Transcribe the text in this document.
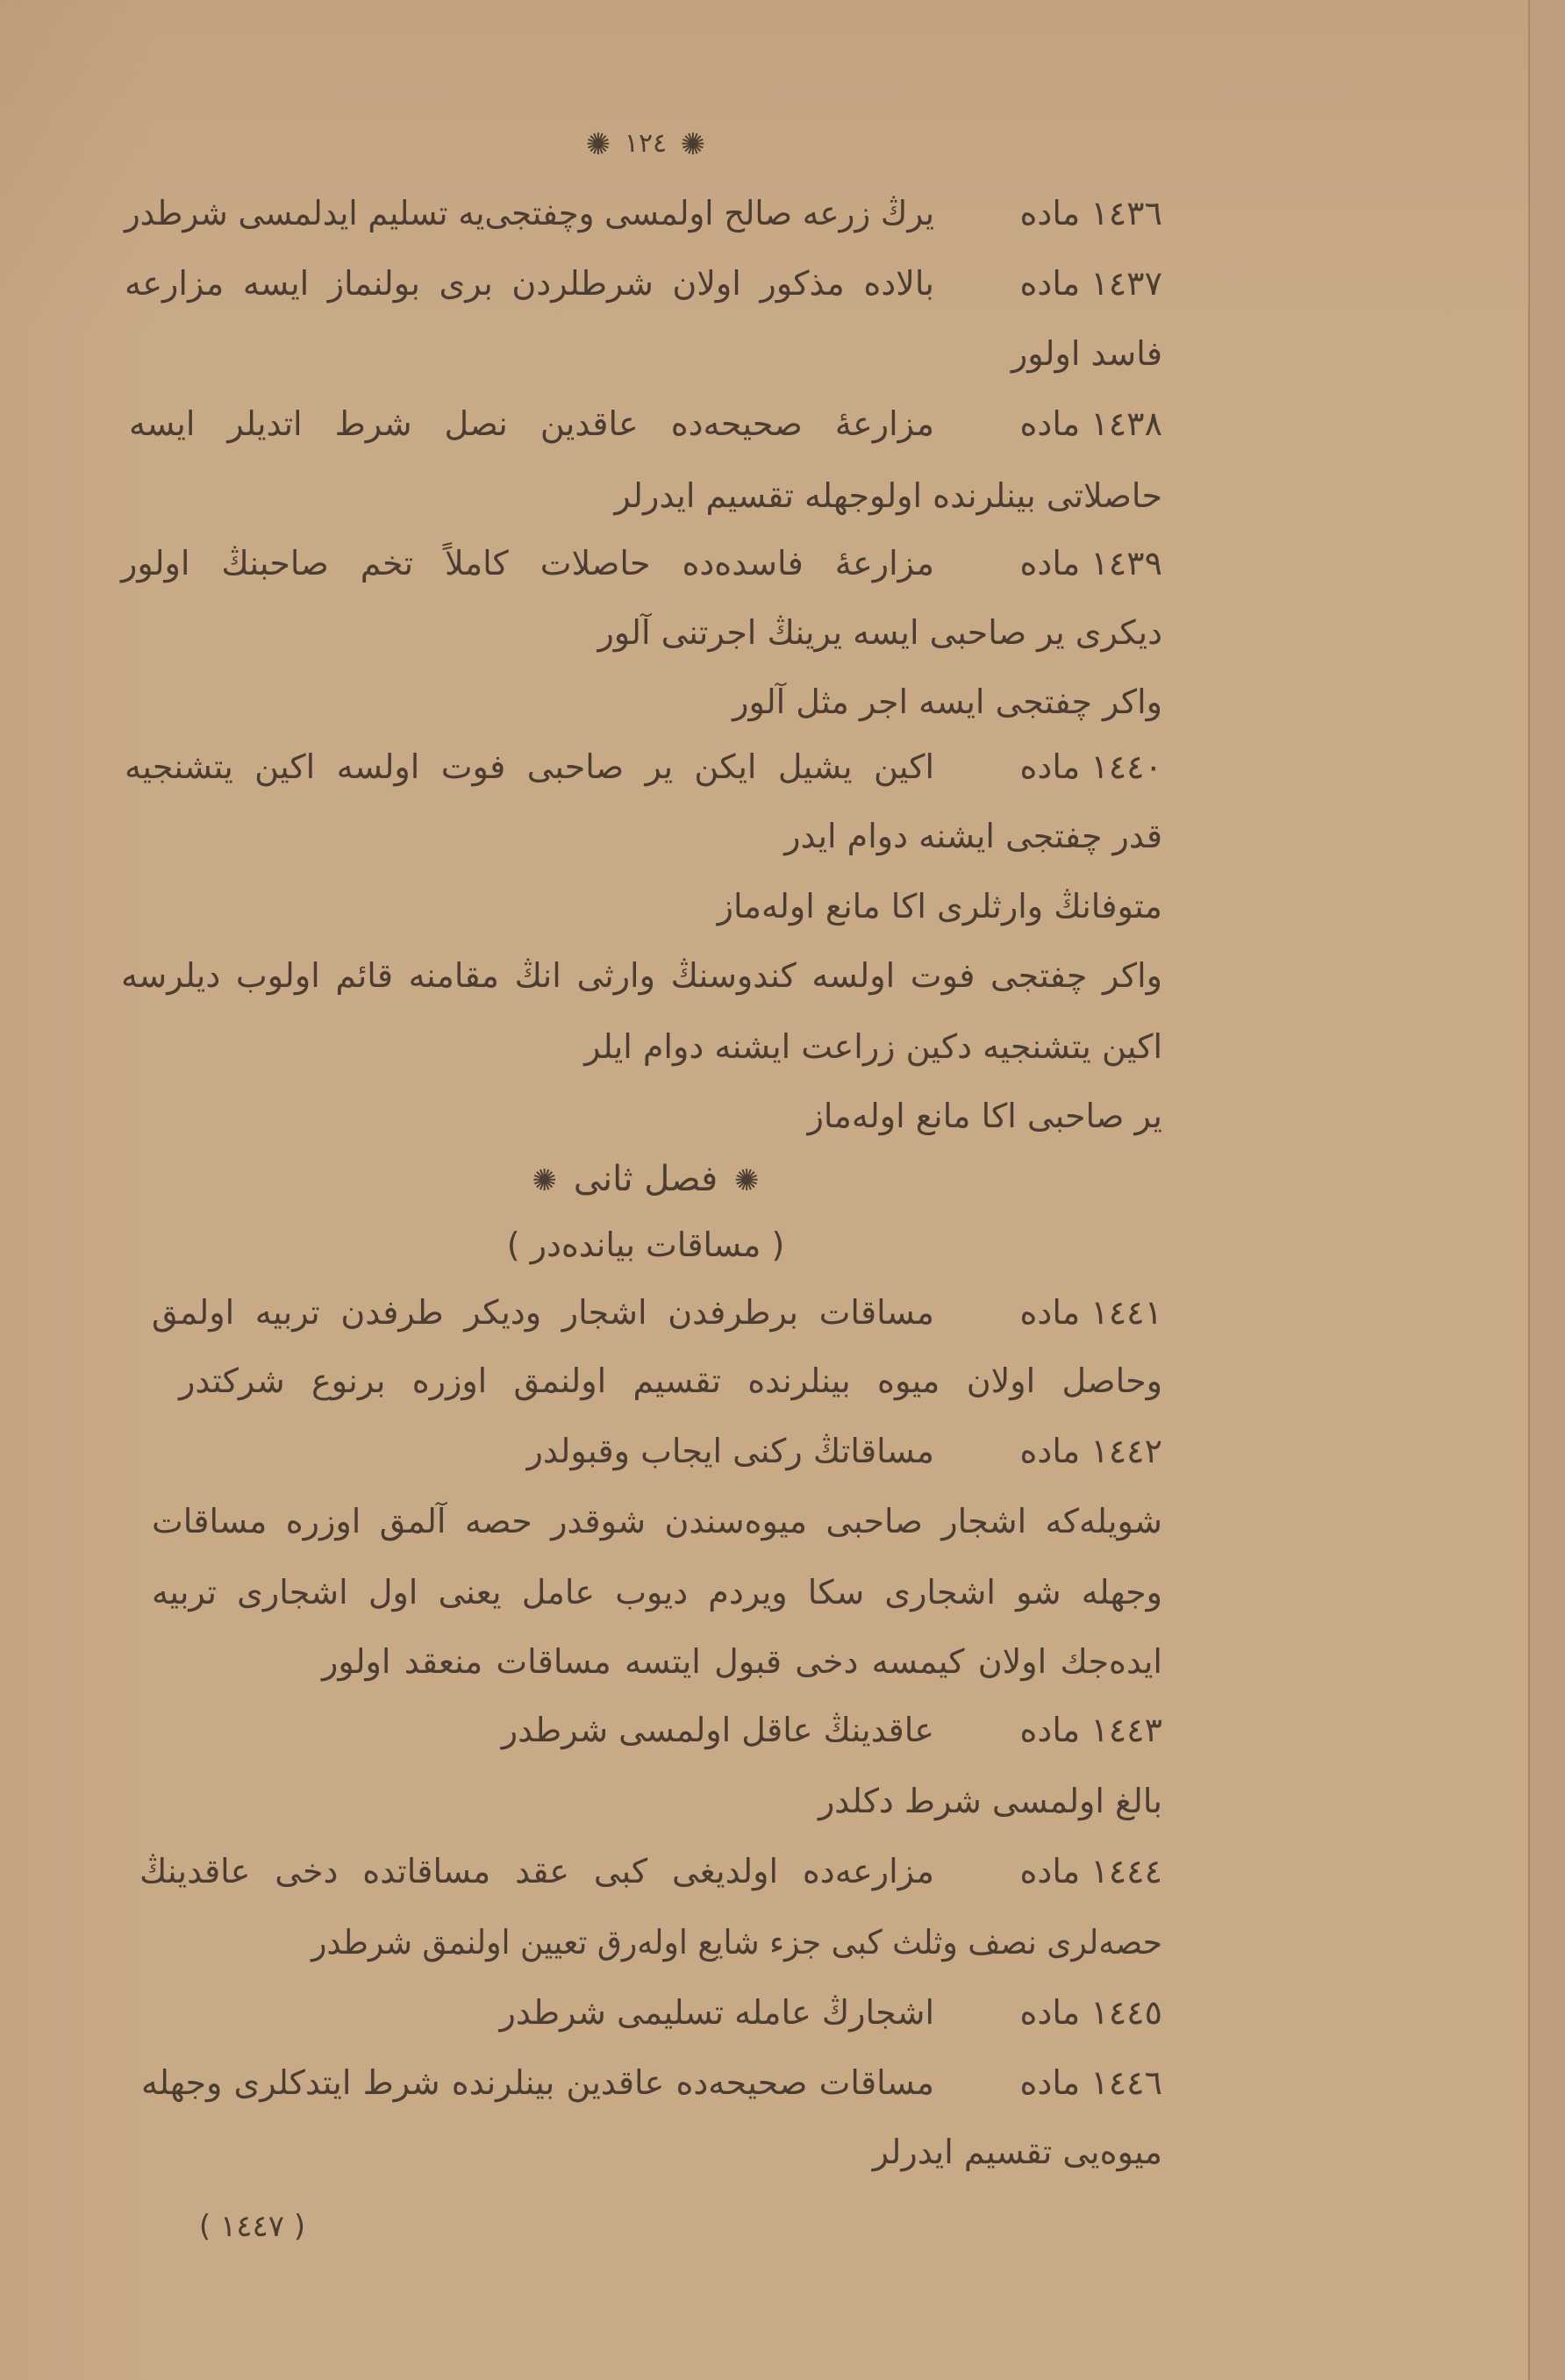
✺ ١٢٤ ✺
١٤٣٦ ماده
یرڭ زرعه صالح اولمسی وچفتجی‌یه تسلیم ایدلمسی شرطدر
١٤٣٧ ماده
بالاده مذکور اولان شرطلردن بری بولنماز ایسه مزارعه
فاسد اولور
١٤٣٨ ماده
مزارعۀ صحیحه‌ده عاقدین نصل شرط اتدیلر ایسه
حاصلاتی بینلرنده اولوجهله تقسیم ایدرلر
١٤٣٩ ماده
مزارعۀ فاسده‌ده حاصلات کاملاً تخم صاحبنڭ اولور
دیکری یر صاحبی ایسه یرینڭ اجرتنی آلور
واکر چفتجی ایسه اجر مثل آلور
١٤٤٠ ماده
اکین یشیل ایکن یر صاحبی فوت اولسه اکین یتشنجیه
قدر چفتجی ایشنه دوام ایدر
متوفانڭ وارثلری اکا مانع اوله‌ماز
واکر چفتجی فوت اولسه کندوسنڭ وارثی انڭ مقامنه قائم اولوب دیلرسه
اکین یتشنجیه دکین زراعت ایشنه دوام ایلر
یر صاحبی اکا مانع اوله‌ماز
✺ فصل ثانی ✺
( مساقات بیانده‌در )
١٤٤١ ماده
مساقات برطرفدن اشجار ودیکر طرفدن تربیه اولمق
وحاصل اولان میوه بینلرنده تقسیم اولنمق اوزره برنوع شرکتدر
١٤٤٢ ماده
مساقاتڭ رکنی ایجاب وقبولدر
شویله‌که اشجار صاحبی میوه‌سندن شوقدر حصه آلمق اوزره مساقات
وجهله شو اشجاری سکا ویردم دیوب عامل یعنی اول اشجاری تربیه
ایده‌جك اولان کیمسه دخی قبول ایتسه مساقات منعقد اولور
١٤٤٣ ماده
عاقدینڭ عاقل اولمسی شرطدر
بالغ اولمسی شرط دکلدر
١٤٤٤ ماده
مزارعه‌ده اولدیغی کبی عقد مساقاتده دخی عاقدینڭ
حصه‌لری نصف وثلث کبی جزء شایع اوله‌رق تعیین اولنمق شرطدر
١٤٤٥ ماده
اشجارڭ عامله تسلیمی شرطدر
١٤٤٦ ماده
مساقات صحیحه‌ده عاقدین بینلرنده شرط ایتدکلری وجهله
میوه‌یی تقسیم ایدرلر
( ١٤٤٧ )
